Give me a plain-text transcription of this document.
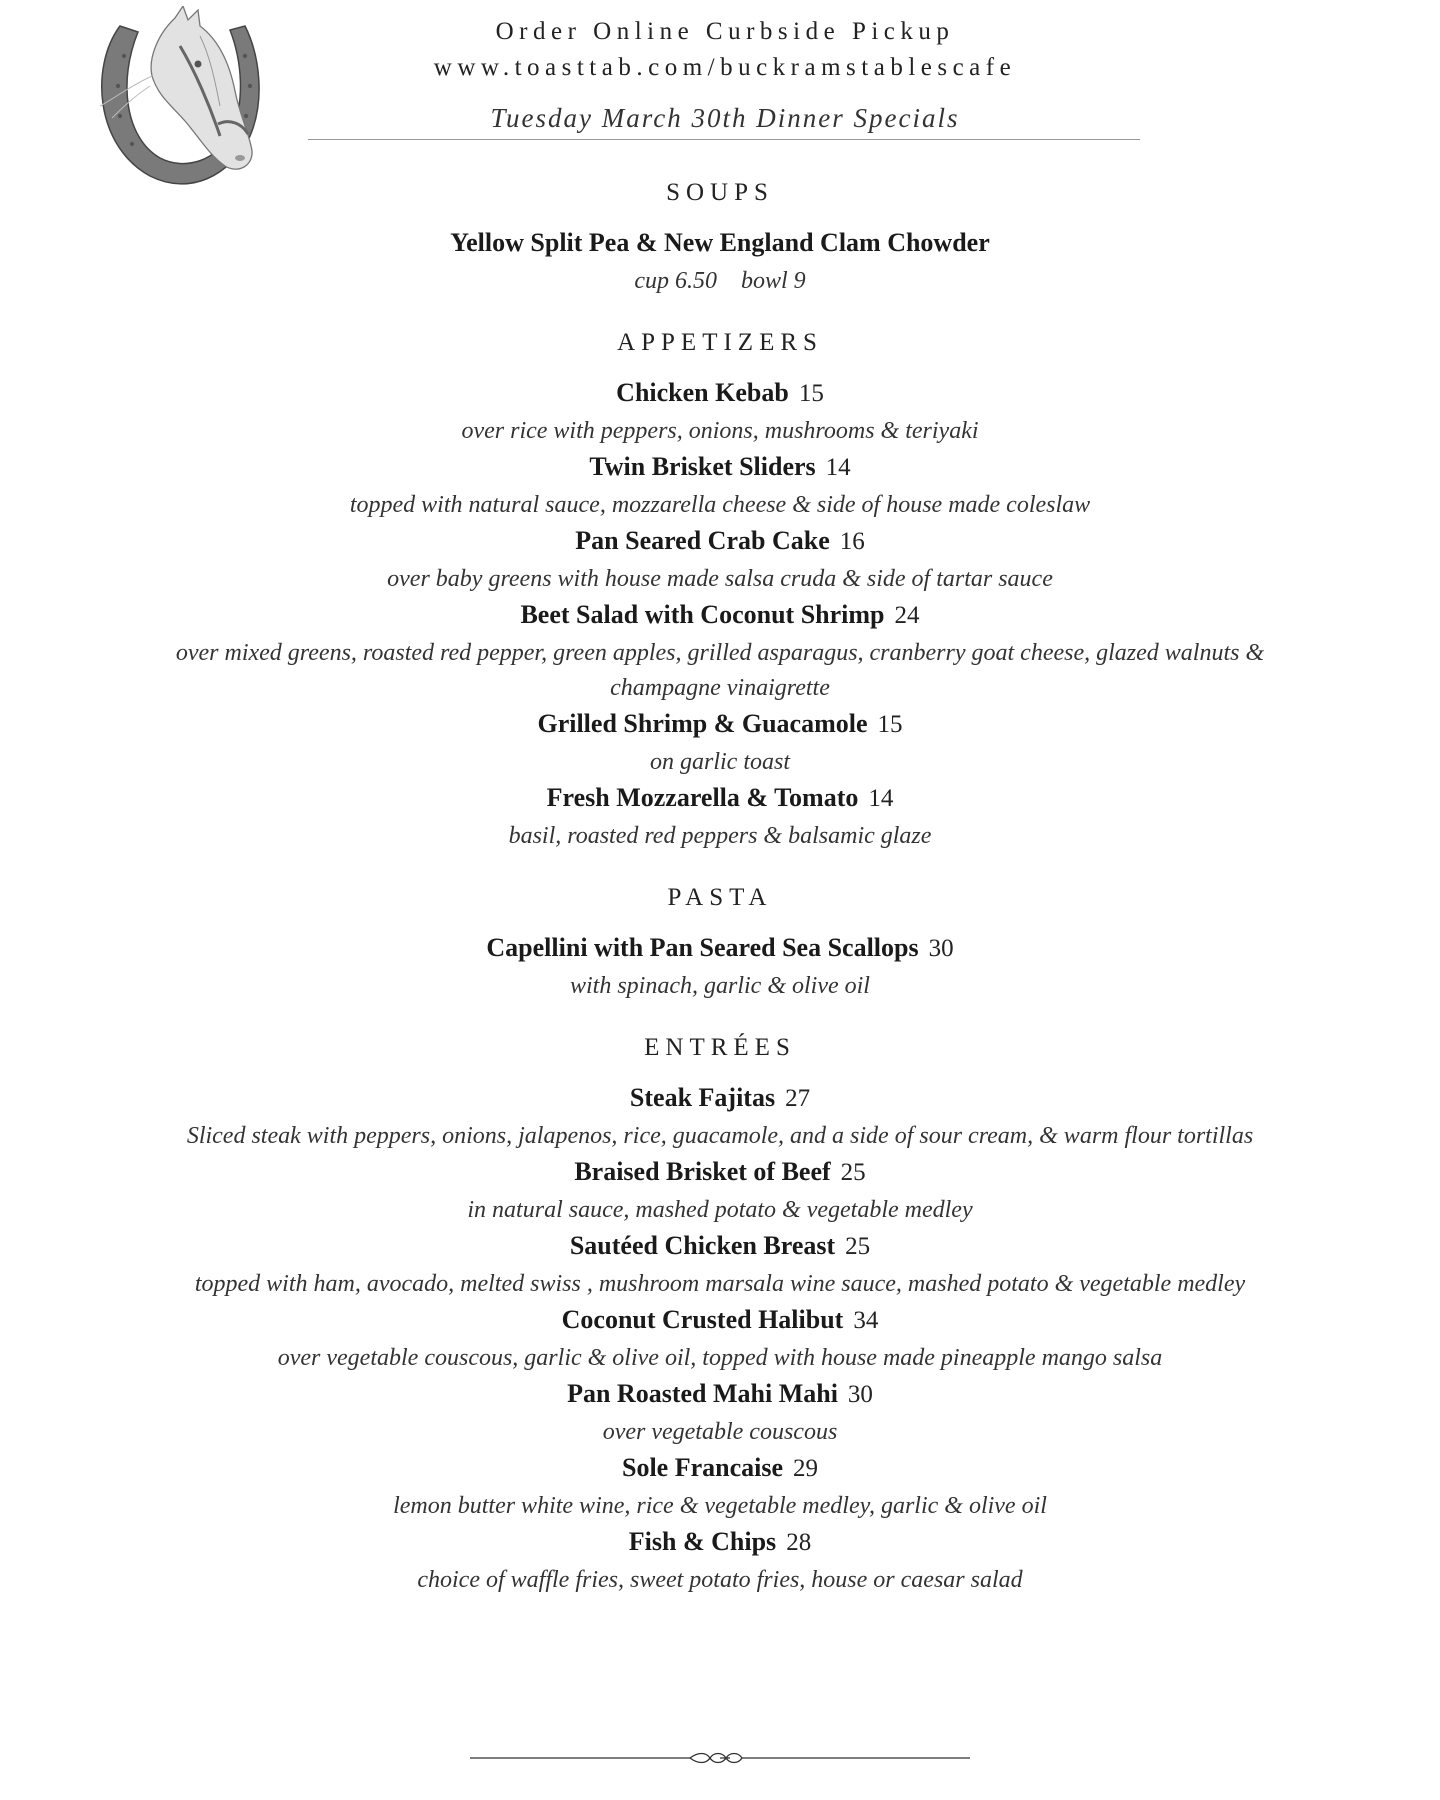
Order Online Curbside Pickup
www.toasttab.com/buckramstablescafe
Tuesday March 30th Dinner Specials
SOUPS
Yellow Split Pea & New England Clam Chowder
cup 6.50 bowl 9
APPETIZERS
Chicken Kebab 15
over rice with peppers, onions, mushrooms & teriyaki
Twin Brisket Sliders 14
topped with natural sauce, mozzarella cheese & side of house made coleslaw
Pan Seared Crab Cake 16
over baby greens with house made salsa cruda & side of tartar sauce
Beet Salad with Coconut Shrimp 24
over mixed greens, roasted red pepper, green apples, grilled asparagus, cranberry goat cheese, glazed walnuts & champagne vinaigrette
Grilled Shrimp & Guacamole 15
on garlic toast
Fresh Mozzarella & Tomato 14
basil, roasted red peppers & balsamic glaze
PASTA
Capellini with Pan Seared Sea Scallops 30
with spinach, garlic & olive oil
ENTRÉES
Steak Fajitas 27
Sliced steak with peppers, onions, jalapenos, rice, guacamole, and a side of sour cream, & warm flour tortillas
Braised Brisket of Beef 25
in natural sauce, mashed potato & vegetable medley
Sautéed Chicken Breast 25
topped with ham, avocado, melted swiss , mushroom marsala wine sauce, mashed potato & vegetable medley
Coconut Crusted Halibut 34
over vegetable couscous, garlic & olive oil, topped with house made pineapple mango salsa
Pan Roasted Mahi Mahi 30
over vegetable couscous
Sole Francaise 29
lemon butter white wine, rice & vegetable medley, garlic & olive oil
Fish & Chips 28
choice of waffle fries, sweet potato fries, house or caesar salad
